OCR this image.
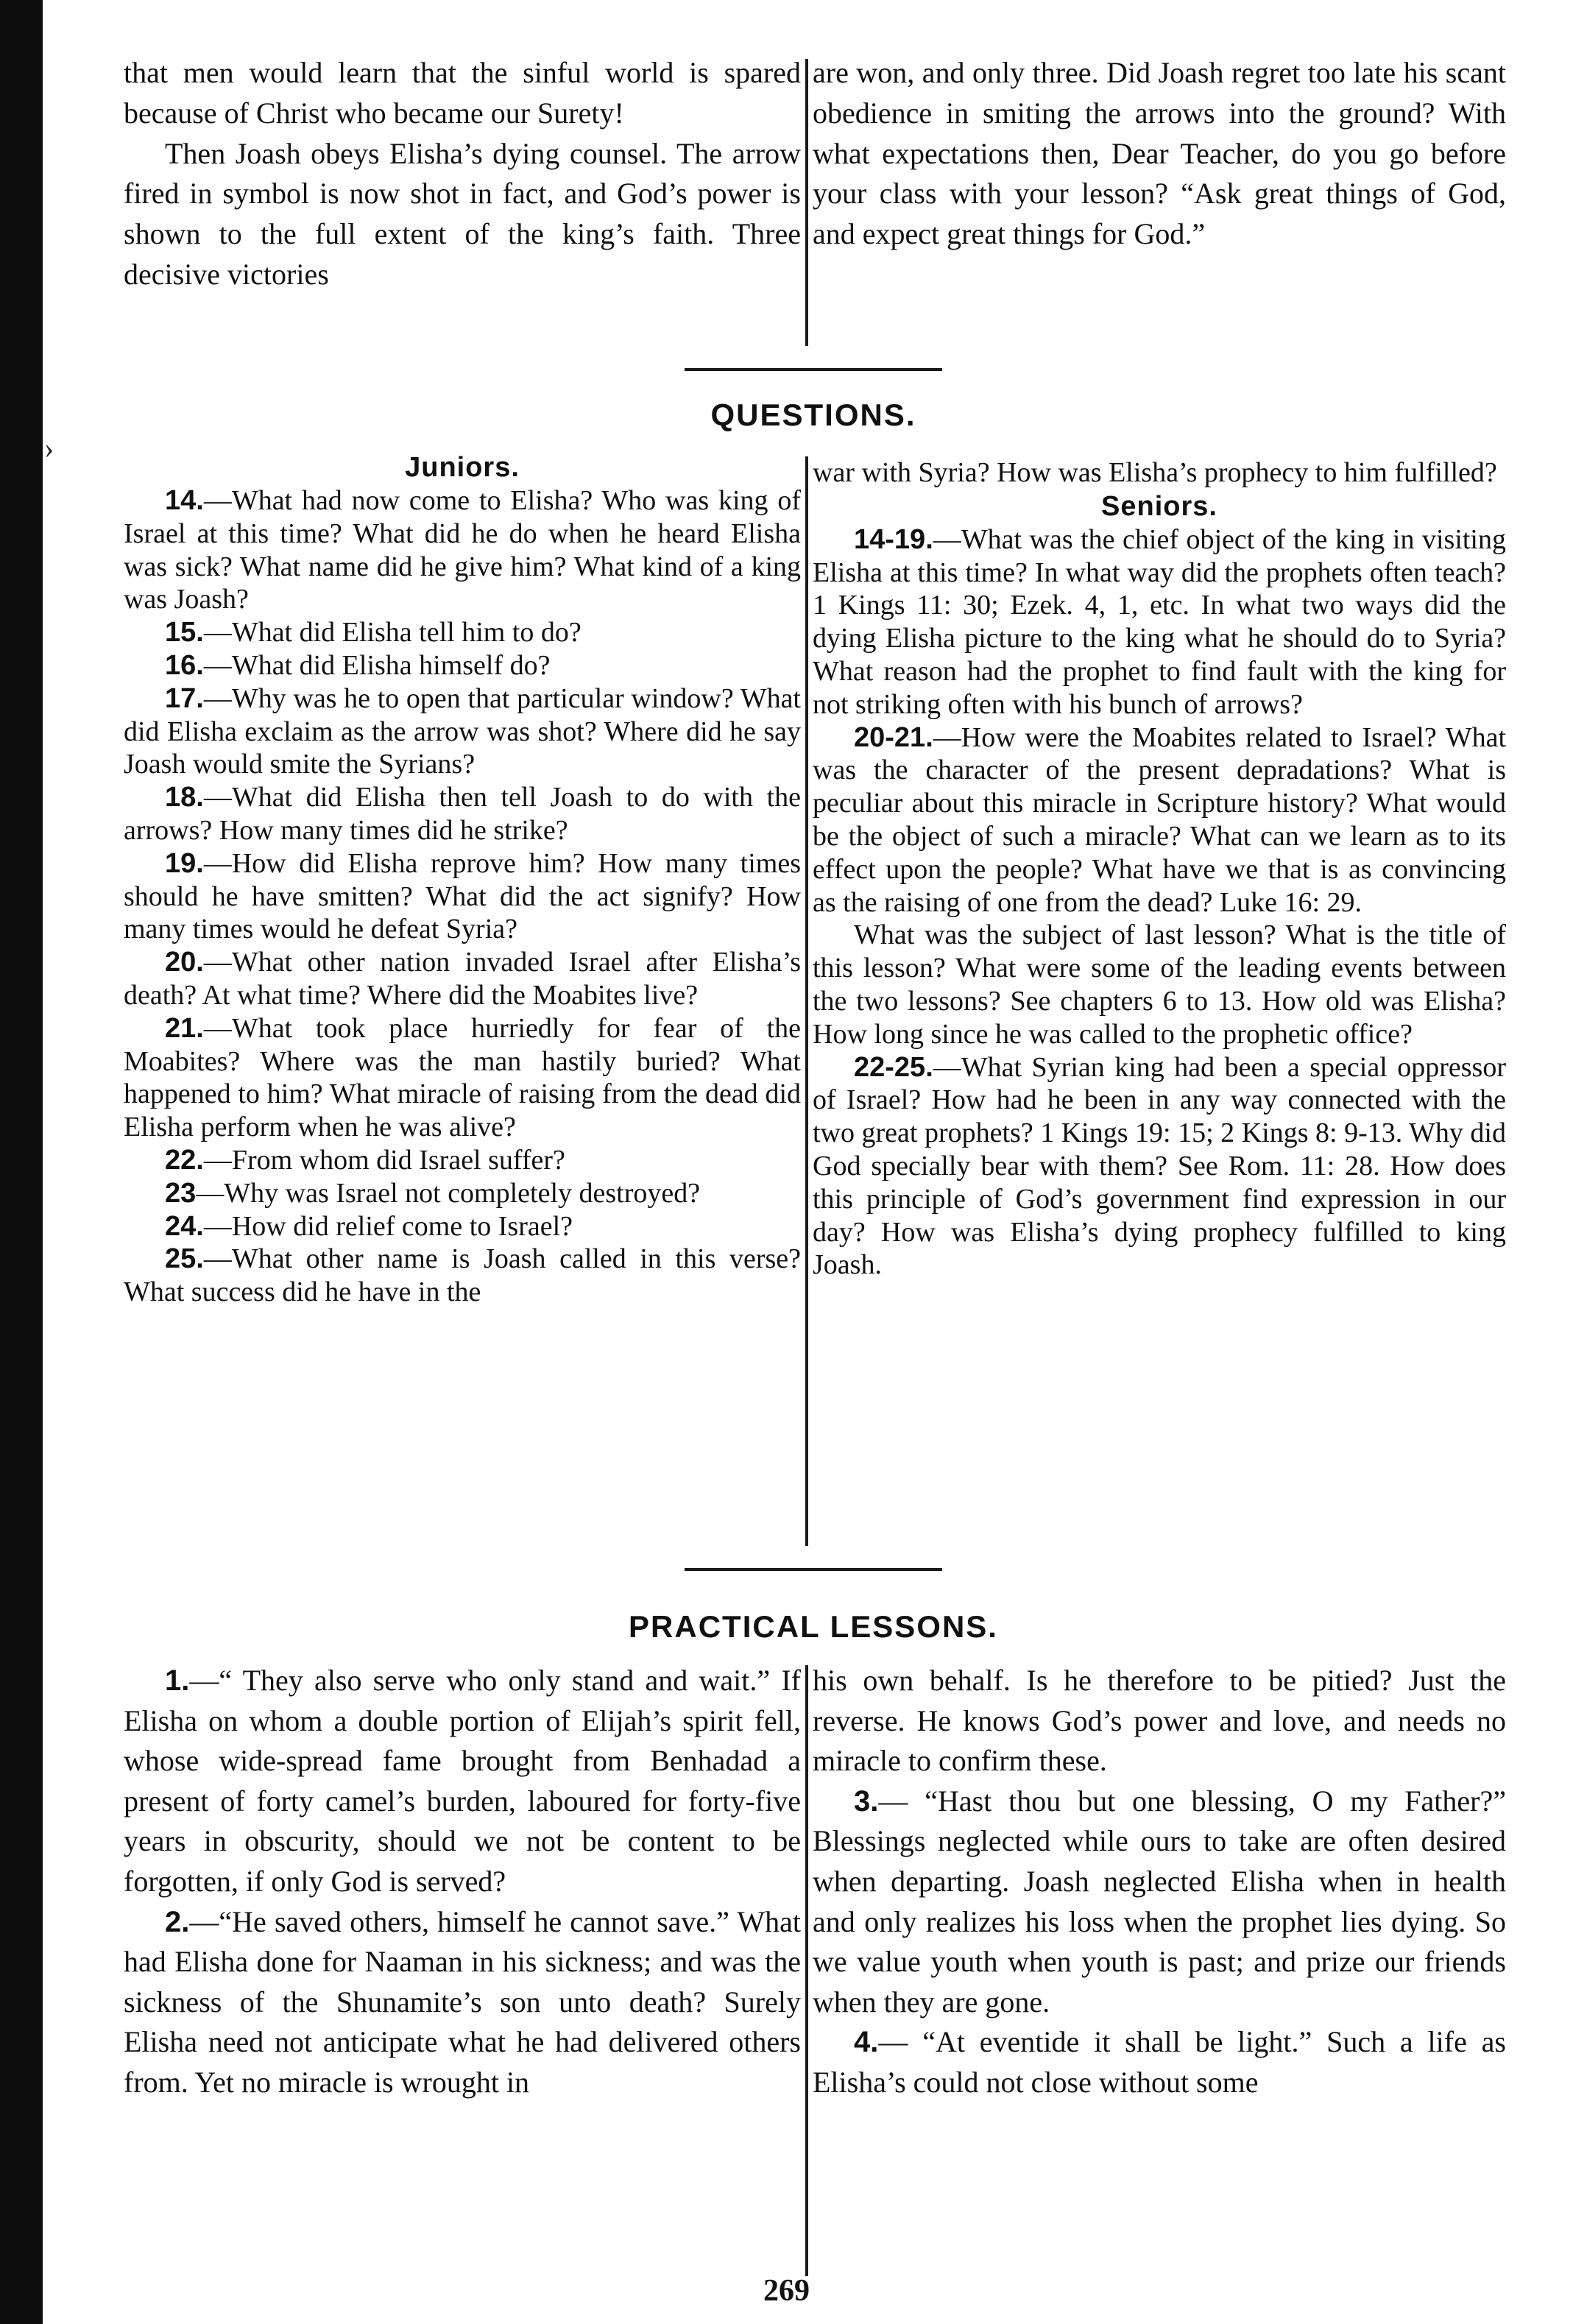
that men would learn that the sinful world is spared because of Christ who became our Surety!

Then Joash obeys Elisha’s dying counsel. The arrow fired in symbol is now shot in fact, and God’s power is shown to the full extent of the king’s faith. Three decisive victories

are won, and only three. Did Joash regret too late his scant obedience in smiting the arrows into the ground? With what expectations then, Dear Teacher, do you go before your class with your lesson? “Ask great things of God, and expect great things for God.”

QUESTIONS.
›
Juniors.
14.—What had now come to Elisha? Who was king of Israel at this time? What did he do when he heard Elisha was sick? What name did he give him? What kind of a king was Joash?
15.—What did Elisha tell him to do?
16.—What did Elisha himself do?
17.—Why was he to open that particular window? What did Elisha exclaim as the arrow was shot? Where did he say Joash would smite the Syrians?
18.—What did Elisha then tell Joash to do with the arrows? How many times did he strike?
19.—How did Elisha reprove him? How many times should he have smitten? What did the act signify? How many times would he defeat Syria?
20.—What other nation invaded Israel after Elisha’s death? At what time? Where did the Moabites live?
21.—What took place hurriedly for fear of the Moabites? Where was the man hastily buried? What happened to him? What miracle of raising from the dead did Elisha perform when he was alive?
22.—From whom did Israel suffer?
23—Why was Israel not completely destroyed?
24.—How did relief come to Israel?
25.—What other name is Joash called in this verse? What success did he have in the
war with Syria? How was Elisha’s prophecy to him fulfilled?
Seniors.
14-19.—What was the chief object of the king in visiting Elisha at this time? In what way did the prophets often teach? 1 Kings 11: 30; Ezek. 4, 1, etc. In what two ways did the dying Elisha picture to the king what he should do to Syria? What reason had the prophet to find fault with the king for not striking often with his bunch of arrows?
20-21.—How were the Moabites related to Israel? What was the character of the present depradations? What is peculiar about this miracle in Scripture history? What would be the object of such a miracle? What can we learn as to its effect upon the people? What have we that is as convincing as the raising of one from the dead? Luke 16: 29.
What was the subject of last lesson? What is the title of this lesson? What were some of the leading events between the two lessons? See chapters 6 to 13. How old was Elisha? How long since he was called to the prophetic office?
22-25.—What Syrian king had been a special oppressor of Israel? How had he been in any way connected with the two great prophets? 1 Kings 19: 15; 2 Kings 8: 9-13. Why did God specially bear with them? See Rom. 11: 28. How does this principle of God’s government find expression in our day? How was Elisha’s dying prophecy fulfilled to king Joash.
PRACTICAL LESSONS.
1.—“ They also serve who only stand and wait.” If Elisha on whom a double portion of Elijah’s spirit fell, whose wide-spread fame brought from Benhadad a present of forty camel’s burden, laboured for forty-five years in obscurity, should we not be content to be forgotten, if only God is served?
2.—“He saved others, himself he cannot save.” What had Elisha done for Naaman in his sickness; and was the sickness of the Shunamite’s son unto death? Surely Elisha need not anticipate what he had delivered others from. Yet no miracle is wrought in
his own behalf. Is he therefore to be pitied? Just the reverse. He knows God’s power and love, and needs no miracle to confirm these.
3.— “Hast thou but one blessing, O my Father?” Blessings neglected while ours to take are often desired when departing. Joash neglected Elisha when in health and only realizes his loss when the prophet lies dying. So we value youth when youth is past; and prize our friends when they are gone.
4.— “At eventide it shall be light.” Such a life as Elisha’s could not close without some
269
